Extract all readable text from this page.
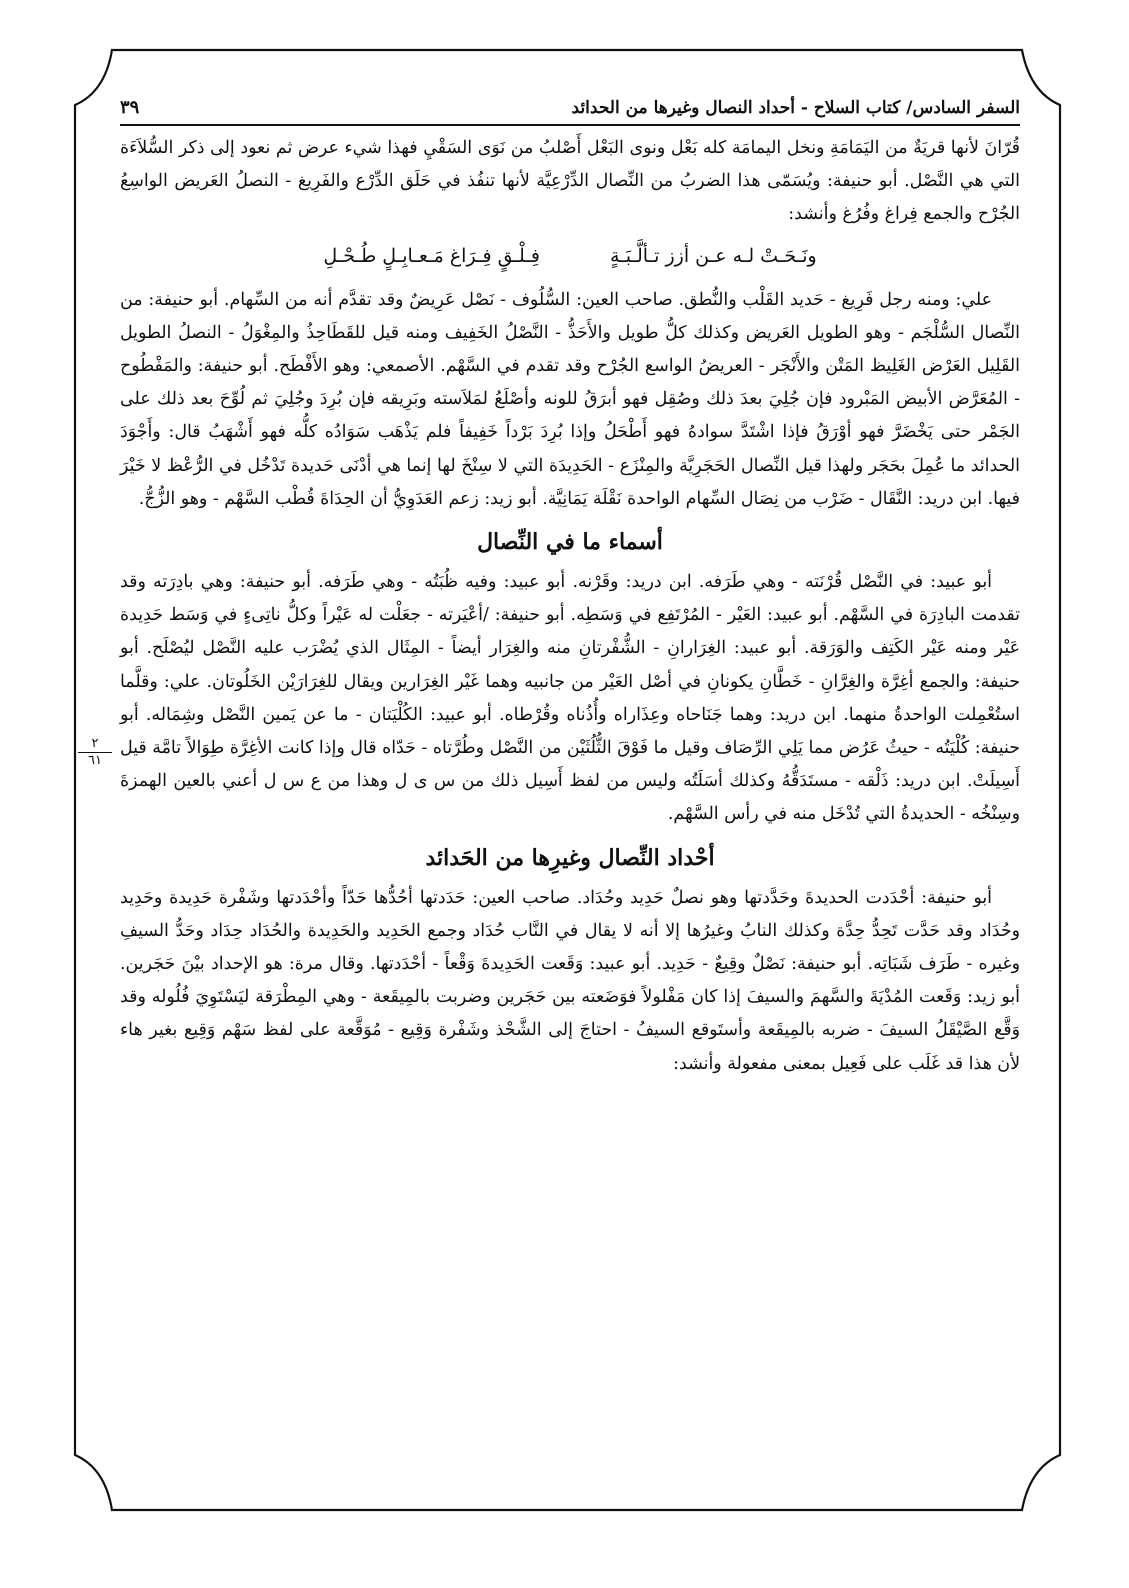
٢
٦١
السفر السادس/ كتاب السلاح - أحداد النصال وغيرها من الحدائد
٣٩

قُرّانَ لأنها قريَةٌ من اليَمَامَةِ ونخل اليمامَة كله بَعْل ونوى البَعْل أَصْلبُ من نَوَى السَقْيِ فهذا شيء عرض ثم نعود إلى ذكر السُّلاَءَة التي هي النَّصْل. أبو حنيفة: ويُسَمّى هذا الضربُ من النِّصال الدِّرْعِيَّة لأنها تنفُذ في حَلَق الدِّرْع والفَرِيغ - النصلُ العَريض الواسِعُ الجُرْح والجمع فِراغ وفُرُغ وأنشد:

ونَـحَـتْ لـه عـن أزز تـألَّـبَـةٍ
فِـلْـقٍ فِـرَاغ مَـعـابِـلٍ طُـحْـلِ

علي: ومنه رجل فَرِيغ - حَديد القَلْب والنُّطق. صاحب العين: السُّلُوف - نَصْل عَرِيضٌ وقد تقدَّم أنه من السِّهام. أبو حنيفة: من النِّصال السُّلْجَم - وهو الطويل العَريض وكذلك كلُّ طويل والأَحَذُّ - النَّصْلُ الخَفِيف ومنه قيل للقَطَاحِذُ والمِغْوَلُ - النصلُ الطويل القَلِيل العَرْض الغَلِيظ المَتْن والأَنْجَر - العريضُ الواسع الجُرْح وقد تقدم في السَّهْم. الأصمعي: وهو الأَفْطَح. أبو حنيفة: والمَفْطُوح - المُعَرَّض الأبيض المَبْرود فإن جُلِيَ بعدَ ذلك وصُقِل فهو أبرَقُ للونه وأصْلَعُ لمَلاَسته وبَرِيقه فإن بُرِدَ وجُلِيَ ثم لُوِّحَ بعد ذلك على الجَمْر حتى يَخْضَرَّ فهو أوْرَقُ فإذا اشْتَدَّ سوادهُ فهو أَطْحَلُ وإذا بُرِدَ بَرْداً خَفِيفاً فلم يَذْهَب سَوَادُه كلُّه فهو أَشْهَبُ قال: وأَجْوَدَ الحدائد ما عُمِلَ بحَجَر ولهذا قيل النِّصال الحَجَرِيَّة والمِنْزَع - الحَدِيدَة التي لا سِنْخَ لها إنما هي أدْنَى حَديدة تَدْخُل في الرُّعْظ لا خَيْرَ فيها. ابن دريد: النَّقَال - ضَرْب من نِصَال السِّهام الواحدة نَقْلَة يَمَانِيَّة. أبو زيد: زعم العَدَوِيُّ أن الحِدَاةَ قُطْب السَّهْم - وهو الزُّجُّ.

أسماء ما في النِّصال

أبو عبيد: في النَّصْل قُرْنَته - وهي طَرَفه. ابن دريد: وقَرْنه. أبو عبيد: وفيه ظُبَتُه - وهي طَرَفه. أبو حنيفة: وهي بادِرَته وقد تقدمت البادِرَة في السَّهْم. أبو عبيد: العَيْر - المُرْتَفِع في وَسَطِه. أبو حنيفة: /أعْيَرته - جعَلْت له عَيْراً وكلُّ ناتِىءٍ في وَسَط حَدِيدة عَيْر ومنه عَيْر الكَتِف والوَرَقة. أبو عبيد: الغِرَارانِ - الشُّفْرتانِ منه والغِرَار أيضاً - المِثَال الذي يُضْرَب عليه النَّصْل ليُصْلَح. أبو حنيفة: والجمع أغِرَّة والغِرَّانِ - خَطَّانِ يكونانِ في أصْل العَيْر من جانبيه وهما غَيْر الغِرَارين ويقال للغِرَارَيْن الخَلُوتان. علي: وقلَّما استُعْمِلت الواحدةُ منهما. ابن دريد: وهما جَنَاحاه وعِذَاراه وأُذُناه وقُرْطاه. أبو عبيد: الكُلْيَتان - ما عن يَمين النَّصْل وشِمَاله. أبو حنيفة: كُلْيَتُه - حيثُ عَرُض مما يَلِي الرِّصَاف وقيل ما فَوْقَ الثُّلُثَيْن من النَّصْل وطُرَّتاه - حَدّاه قال وإذا كانت الأغِرَّة طِوَالاً تامَّة قيل أَسِيلَتْ. ابن دريد: ذَلْقه - مستَدَقُّهُ وكذلك أسَلَتُه وليس من لفظ أَسِيل ذلك من س ى ل وهذا من ع س ل أعني بالعين الهمزةَ وسِنْخُه - الحديدةُ التي تُدْخَل منه في رأس السَّهْم.

أحْداد النِّصال وغيرِها من الحَدائد

أبو حنيفة: أحْدَدت الحديدةَ وحَدَّدتها وهو نصلٌ حَدِيد وحُدَاد. صاحب العين: حَدَدتها أحُدُّها حَدّاً وأحْدَدتها وشَفْرة حَدِيدة وحَدِيد وحُدَاد وقد حَدَّت تَحِدُّ حِدَّة وكذلك النابُ وغيرُها إلا أنه لا يقال في النَّاب حُدَاد وجمع الحَدِيد والحَدِيدة والحُدَاد حِدَاد وحَدُّ السيفِ وغيره - طَرَف شَبَاتِه. أبو حنيفة: نَصْلٌ وقِيعٌ - حَدِيد. أبو عبيد: وَقَعت الحَدِيدةَ وَقْعاً - أحْدَدتها. وقال مرة: هو الإحداد بيْنَ حَجَرين. أبو زيد: وَقَعت المُدْيَةَ والسَّهمَ والسيفَ إذا كان مَفْلولاً فوَضَعته بين حَجَرين وضربت بالمِيقَعة - وهي المِطْرَقة ليَسْتَوِيَ فُلُوله وقد وَقَّع الصَّيْقَلُ السيفَ - ضربه بالمِيقَعة وأستَوقع السيفُ - احتاجَ إلى الشَّحْذ وشَفْرة وَقِيع - مُوَقَّعة على لفظ سَهْم وَقِيع بغير هاء لأن هذا قد غَلَب على فَعِيل بمعنى مفعولة وأنشد:
